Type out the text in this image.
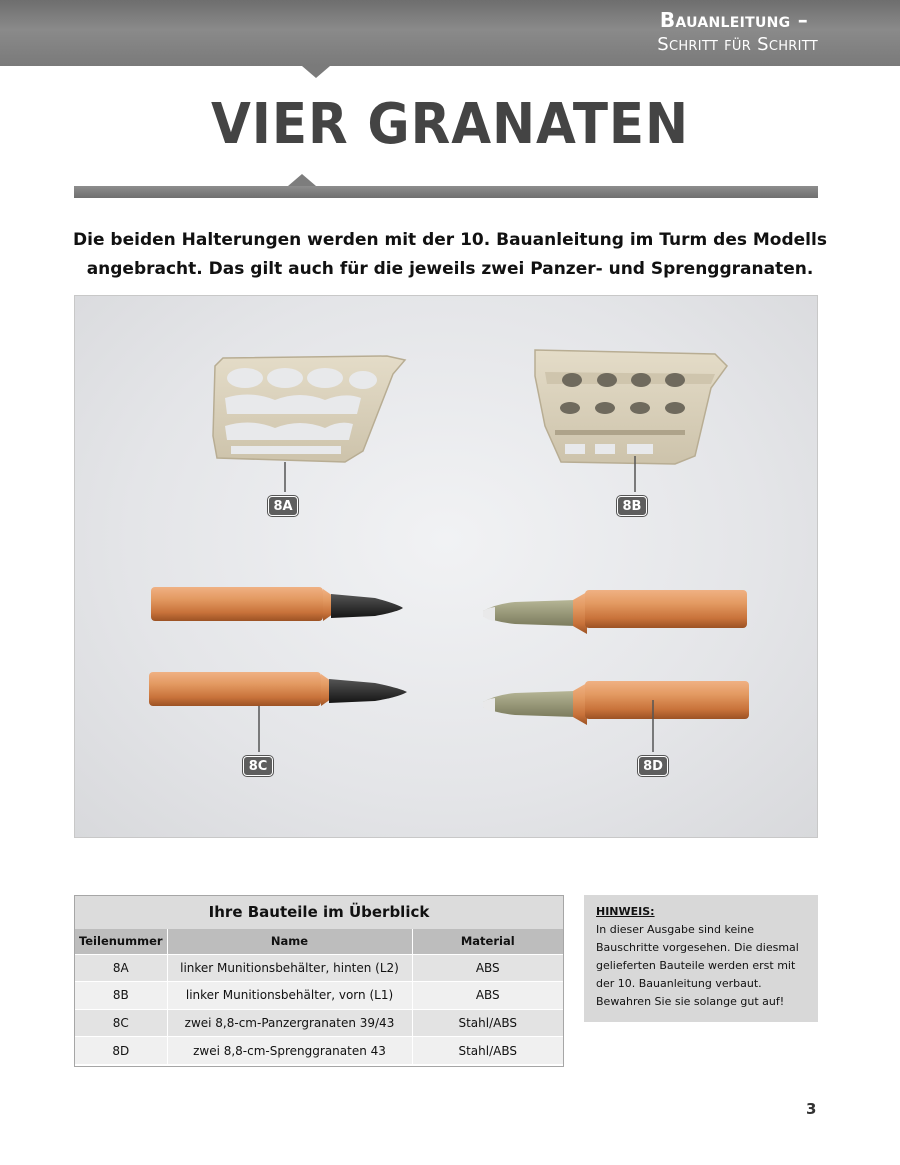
Bauanleitung –
Schritt für Schritt
VIER GRANATEN
Die beiden Halterungen werden mit der 10. Bauanleitung im Turm des Modells
angebracht. Das gilt auch für die jeweils zwei Panzer- und Sprenggranaten.
8A	8B
8C	8D
Ihre Bauteile im Überblick
Teilenummer	Name	Material
8A	linker Munitionsbehälter, hinten (L2)	ABS
8B	linker Munitionsbehälter, vorn (L1)	ABS
8C	zwei 8,8-cm-Panzergranaten 39/43	Stahl/ABS
8D	zwei 8,8-cm-Sprenggranaten 43	Stahl/ABS
HINWEIS:
In dieser Ausgabe sind keine
Bauschritte vorgesehen. Die diesmal
gelieferten Bauteile werden erst mit
der 10. Bauanleitung verbaut.
Bewahren Sie sie solange gut auf!
3
